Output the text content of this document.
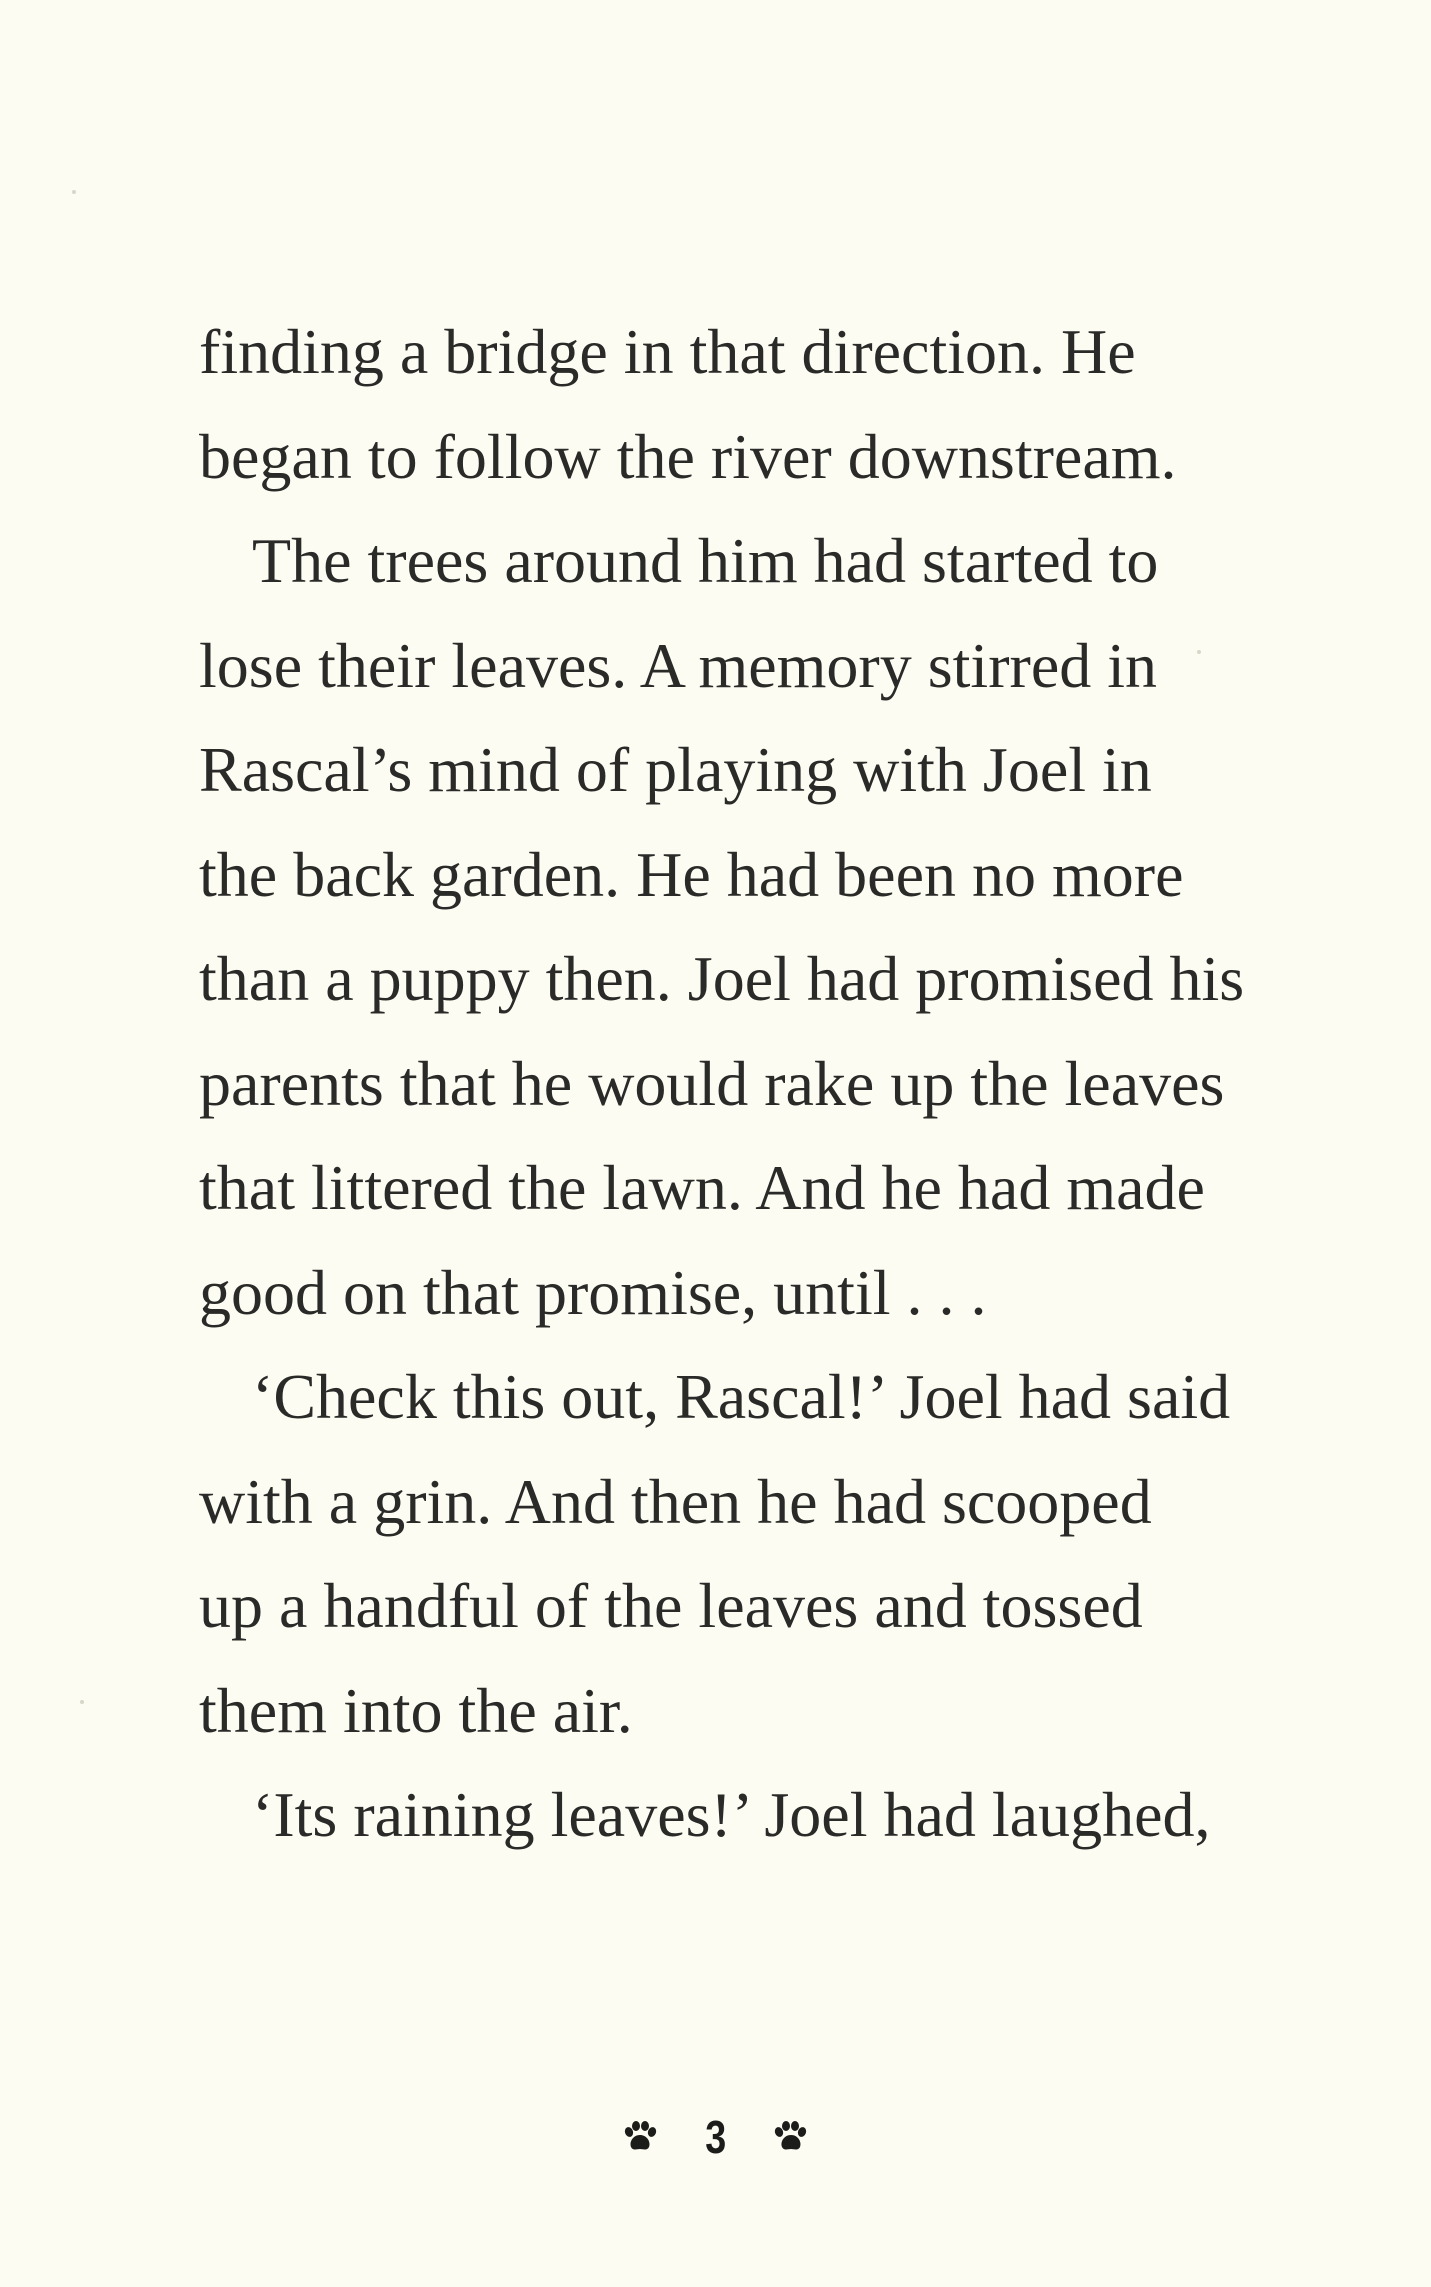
finding a bridge in that direction. He
began to follow the river downstream.
The trees around him had started to
lose their leaves. A memory stirred in
Rascal’s mind of playing with Joel in
the back garden. He had been no more
than a puppy then. Joel had promised his
parents that he would rake up the leaves
that littered the lawn. And he had made
good on that promise, until . . .
‘Check this out, Rascal!’ Joel had said
with a grin. And then he had scooped
up a handful of the leaves and tossed
them into the air.
‘Its raining leaves!’ Joel had laughed,
3
